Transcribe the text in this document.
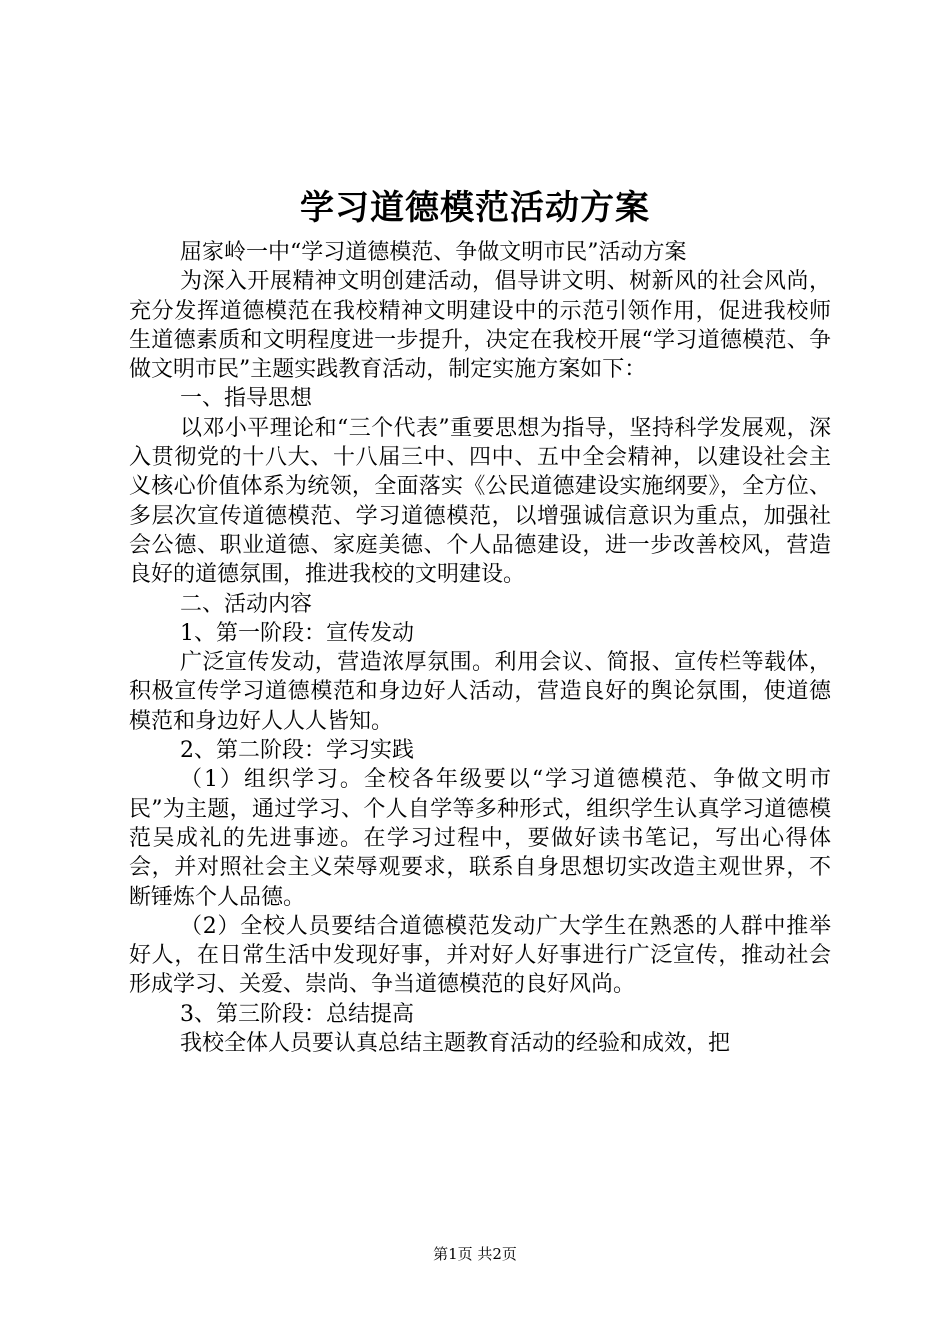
学习道德模范活动方案

屈家岭一中“学习道德模范、争做文明市民”活动方案

为深入开展精神文明创建活动，倡导讲文明、树新风的社会风尚，充分发挥道德模范在我校精神文明建设中的示范引领作用，促进我校师生道德素质和文明程度进一步提升，决定在我校开展“学习道德模范、争做文明市民”主题实践教育活动，制定实施方案如下：

一、指导思想

以邓小平理论和“三个代表”重要思想为指导，坚持科学发展观，深入贯彻党的十八大、十八届三中、四中、五中全会精神，以建设社会主义核心价值体系为统领，全面落实《公民道德建设实施纲要》，全方位、多层次宣传道德模范、学习道德模范，以增强诚信意识为重点，加强社会公德、职业道德、家庭美德、个人品德建设，进一步改善校风，营造良好的道德氛围，推进我校的文明建设。

二、活动内容

1、第一阶段：宣传发动

广泛宣传发动，营造浓厚氛围。利用会议、简报、宣传栏等载体，积极宣传学习道德模范和身边好人活动，营造良好的舆论氛围，使道德模范和身边好人人人皆知。

2、第二阶段：学习实践

（1）组织学习。全校各年级要以“学习道德模范、争做文明市民”为主题，通过学习、个人自学等多种形式，组织学生认真学习道德模范吴成礼的先进事迹。在学习过程中，要做好读书笔记，写出心得体会，并对照社会主义荣辱观要求，联系自身思想切实改造主观世界，不断锤炼个人品德。

（2）全校人员要结合道德模范发动广大学生在熟悉的人群中推举好人，在日常生活中发现好事，并对好人好事进行广泛宣传，推动社会形成学习、关爱、崇尚、争当道德模范的良好风尚。

3、第三阶段：总结提高

我校全体人员要认真总结主题教育活动的经验和成效，把

第1页 共2页
